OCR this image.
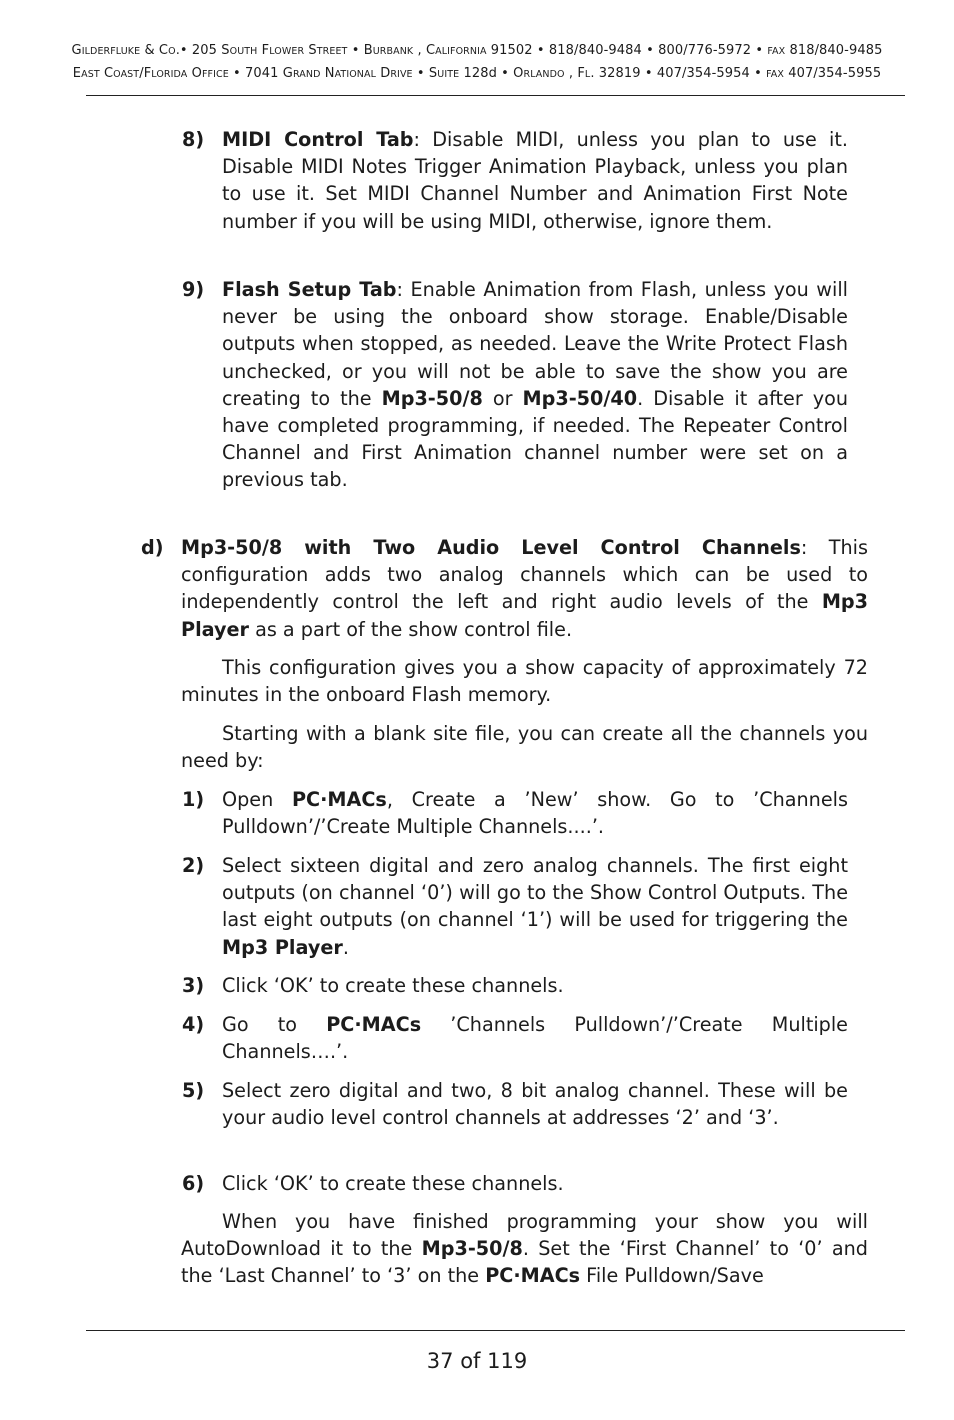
GILDERFLUKE & CO.• 205 SOUTH FLOWER STREET • BURBANK , CALIFORNIA 91502 • 818/840-9484 • 800/776-5972 • FAX 818/840-9485
EAST COAST/FLORIDA OFFICE • 7041 GRAND NATIONAL DRIVE • SUITE 128d • ORLANDO , FL. 32819 • 407/354-5954 • FAX 407/354-5955
8) MIDI Control Tab: Disable MIDI, unless you plan to use it. Disable MIDI Notes Trigger Animation Playback, unless you plan to use it. Set MIDI Channel Number and Animation First Note number if you will be using MIDI, otherwise, ignore them.
9) Flash Setup Tab: Enable Animation from Flash, unless you will never be using the onboard show storage. Enable/Disable outputs when stopped, as needed. Leave the Write Protect Flash unchecked, or you will not be able to save the show you are creating to the Mp3-50/8 or Mp3-50/40. Disable it after you have completed programming, if needed. The Repeater Control Channel and First Animation channel number were set on a previous tab.
d) Mp3-50/8 with Two Audio Level Control Channels: This configuration adds two analog channels which can be used to independently control the left and right audio levels of the Mp3 Player as a part of the show control file.
This configuration gives you a show capacity of approximately 72 minutes in the onboard Flash memory.
Starting with a blank site file, you can create all the channels you need by:
1) Open PC·MACs, Create a ’New’ show. Go to ’Channels Pulldown’/’Create Multiple Channels....’.
2) Select sixteen digital and zero analog channels. The first eight outputs (on channel ‘0’) will go to the Show Control Outputs. The last eight outputs (on channel ‘1’) will be used for triggering the Mp3 Player.
3) Click ‘OK’ to create these channels.
4) Go to PC·MACs ’Channels Pulldown’/’Create Multiple Channels….’.
5) Select zero digital and two, 8 bit analog channel. These will be your audio level control channels at addresses ‘2’ and ‘3’.
6) Click ‘OK’ to create these channels.
When you have finished programming your show you will AutoDownload it to the Mp3-50/8. Set the ‘First Channel’ to ‘0’ and the ‘Last Channel’ to ‘3’ on the PC·MACs File Pulldown/Save
37 of 119
